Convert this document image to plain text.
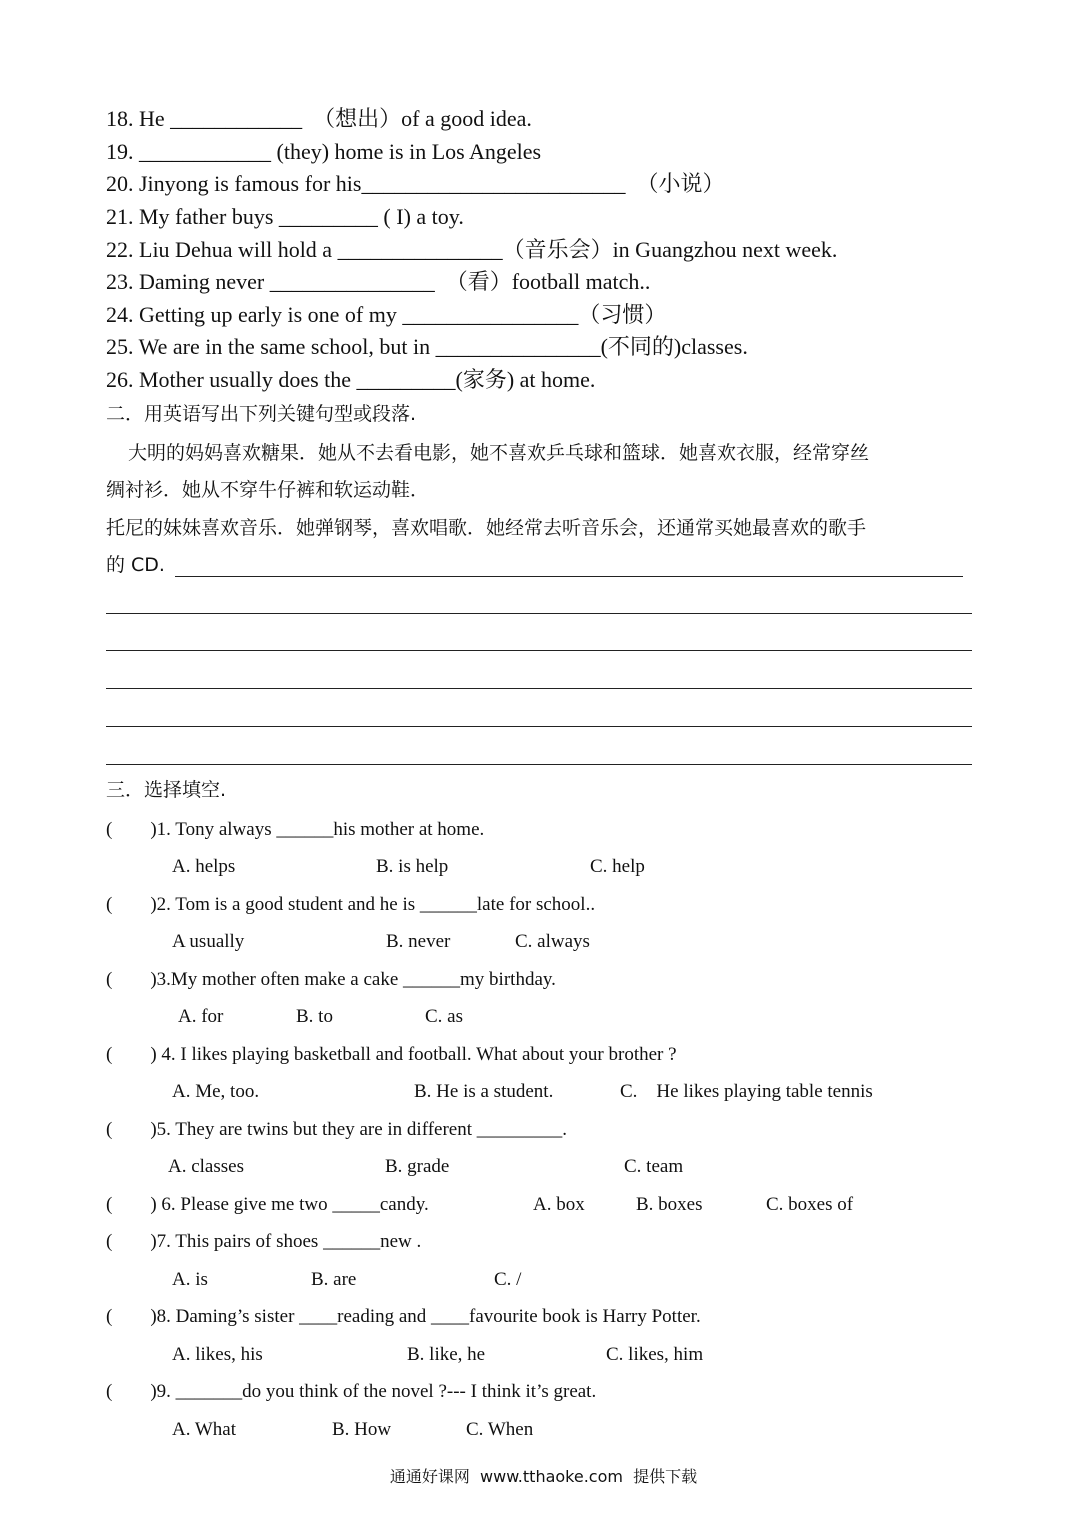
18. He ____________  （想出）of a good idea.
19. ____________ (they) home is in Los Angeles
20. Jinyong is famous for his________________________  （小说）
21. My father buys _________ ( I) a toy.
22. Liu Dehua will hold a _______________（音乐会）in Guangzhou next week.
23. Daming never _______________  （看）football match..
24. Getting up early is one of my ________________（习惯）
25. We are in the same school, but in _______________(不同的)classes.
26. Mother usually does the _________(家务) at home.
二．用英语写出下列关键句型或段落.
大明的妈妈喜欢糖果．她从不去看电影，她不喜欢乒乓球和篮球．她喜欢衣服，经常穿丝
绸衬衫．她从不穿牛仔裤和软运动鞋．
托尼的妹妹喜欢音乐．她弹钢琴，喜欢唱歌．她经常去听音乐会，还通常买她最喜欢的歌手
的 CD.
三．选择填空.
(        )1. Tony always ______his mother at home.
A. helps	B. is help	C. help
(        )2. Tom is a good student and he is ______late for school..
A usually	B. never	C. always
(        )3.My mother often make a cake ______my birthday.
A. for	B. to	C. as
(        ) 4. I likes playing basketball and football. What about your brother ?
A. Me, too.	B. He is a student.	C.    He likes playing table tennis
(        )5. They are twins but they are in different _________.
A. classes	B. grade	C. team
(        ) 6. Please give me two _____candy.	A. box	B. boxes	C. boxes of
(        )7. This pairs of shoes ______new .
A. is	B. are	C. /
(        )8. Daming’s sister ____reading and ____favourite book is Harry Potter.
A. likes, his	B. like, he	C. likes, him
(        )9. _______do you think of the novel ?--- I think it’s great.
A. What	B. How	C. When
通通好课网  www.tthaoke.com  提供下载
